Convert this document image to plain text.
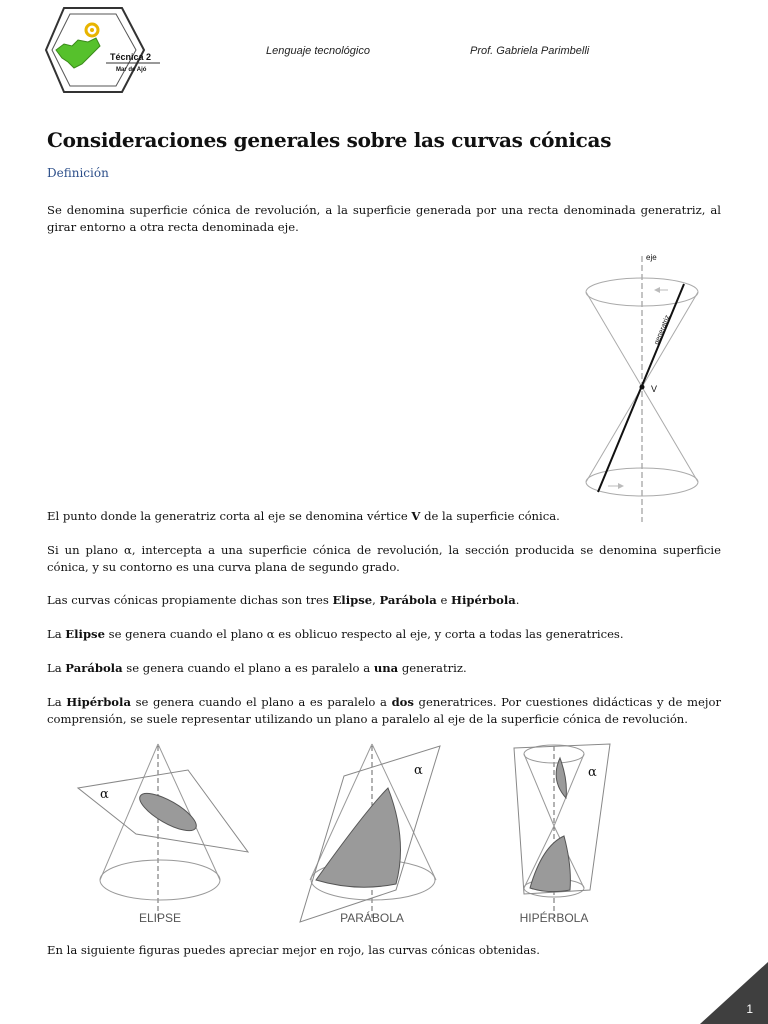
Técnica 2
Mar de Ajó
Lenguaje tecnológico	Prof. Gabriela Parimbelli
Consideraciones generales sobre las curvas cónicas
Definición

Se denomina superficie cónica de revolución, a la superficie generada por una recta denominada generatriz, al girar entorno a otra recta denominada eje.

eje
generatriz
V

El punto donde la generatriz corta al eje se denomina vértice V de la superficie cónica.

Si un plano α, intercepta a una superficie cónica de revolución, la sección producida se denomina superficie cónica, y su contorno es una curva plana de segundo grado.

Las curvas cónicas propiamente dichas son tres Elipse, Parábola e Hipérbola.

La Elipse se genera cuando el plano α es oblicuo respecto al eje, y corta a todas las generatrices.

La Parábola se genera cuando el plano a es paralelo a una generatriz.

La Hipérbola se genera cuando el plano a es paralelo a dos generatrices. Por cuestiones didácticas y de mejor comprensión, se suele representar utilizando un plano a paralelo al eje de la superficie cónica de revolución.

α
ELIPSE
α
PARÁBOLA
α
HIPÉRBOLA

En la siguiente figuras puedes apreciar mejor en rojo, las curvas cónicas obtenidas.

1
